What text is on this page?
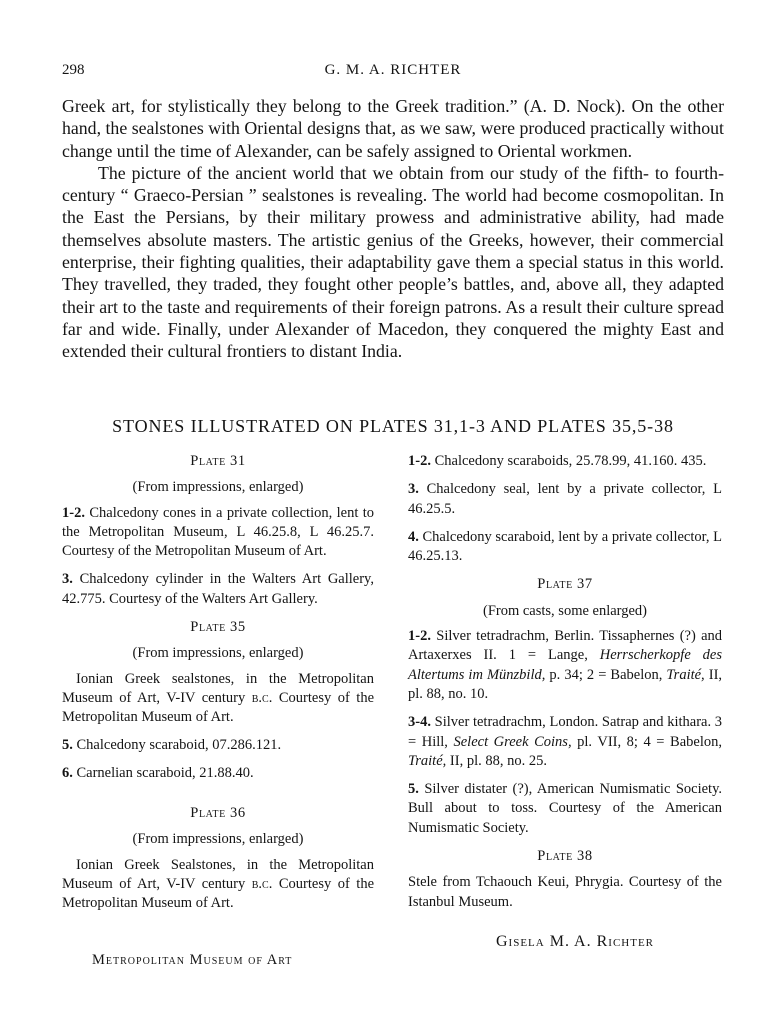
298	G. M. A. RICHTER

Greek art, for stylistically they belong to the Greek tradition.” (A. D. Nock). On the other hand, the sealstones with Oriental designs that, as we saw, were produced practically without change until the time of Alexander, can be safely assigned to Oriental workmen.

The picture of the ancient world that we obtain from our study of the fifth- to fourth-century “ Graeco-Persian ” sealstones is revealing. The world had become cosmopolitan. In the East the Persians, by their military prowess and administrative ability, had made themselves absolute masters. The artistic genius of the Greeks, however, their commercial enterprise, their fighting qualities, their adaptability gave them a special status in this world. They travelled, they traded, they fought other people’s battles, and, above all, they adapted their art to the taste and requirements of their foreign patrons. As a result their culture spread far and wide. Finally, under Alexander of Macedon, they conquered the mighty East and extended their cultural frontiers to distant India.

STONES ILLUSTRATED ON PLATES 31,1-3 AND PLATES 35,5-38
Plate 31
(From impressions, enlarged)
1-2. Chalcedony cones in a private collection, lent to the Metropolitan Museum, L 46.25.8, L 46.25.7. Courtesy of the Metropolitan Museum of Art.
3. Chalcedony cylinder in the Walters Art Gallery, 42.775. Courtesy of the Walters Art Gallery.
Plate 35
(From impressions, enlarged)
Ionian Greek sealstones, in the Metropolitan Museum of Art, V-IV century b.c. Courtesy of the Metropolitan Museum of Art.
5. Chalcedony scaraboid, 07.286.121.
6. Carnelian scaraboid, 21.88.40.
Plate 36
(From impressions, enlarged)
Ionian Greek Sealstones, in the Metropolitan Museum of Art, V-IV century b.c. Courtesy of the Metropolitan Museum of Art.
1-2. Chalcedony scaraboids, 25.78.99, 41.160. 435.
3. Chalcedony seal, lent by a private collector, L 46.25.5.
4. Chalcedony scaraboid, lent by a private collector, L 46.25.13.
Plate 37
(From casts, some enlarged)
1-2. Silver tetradrachm, Berlin. Tissaphernes (?) and Artaxerxes II. 1 = Lange, Herrscherkopfe des Altertums im Münzbild, p. 34; 2 = Babelon, Traité, II, pl. 88, no. 10.
3-4. Silver tetradrachm, London. Satrap and kithara. 3 = Hill, Select Greek Coins, pl. VII, 8; 4 = Babelon, Traité, II, pl. 88, no. 25.
5. Silver distater (?), American Numismatic Society. Bull about to toss. Courtesy of the American Numismatic Society.
Plate 38
Stele from Tchaouch Keui, Phrygia. Courtesy of the Istanbul Museum.
Gisela M. A. Richter
Metropolitan Museum of Art
